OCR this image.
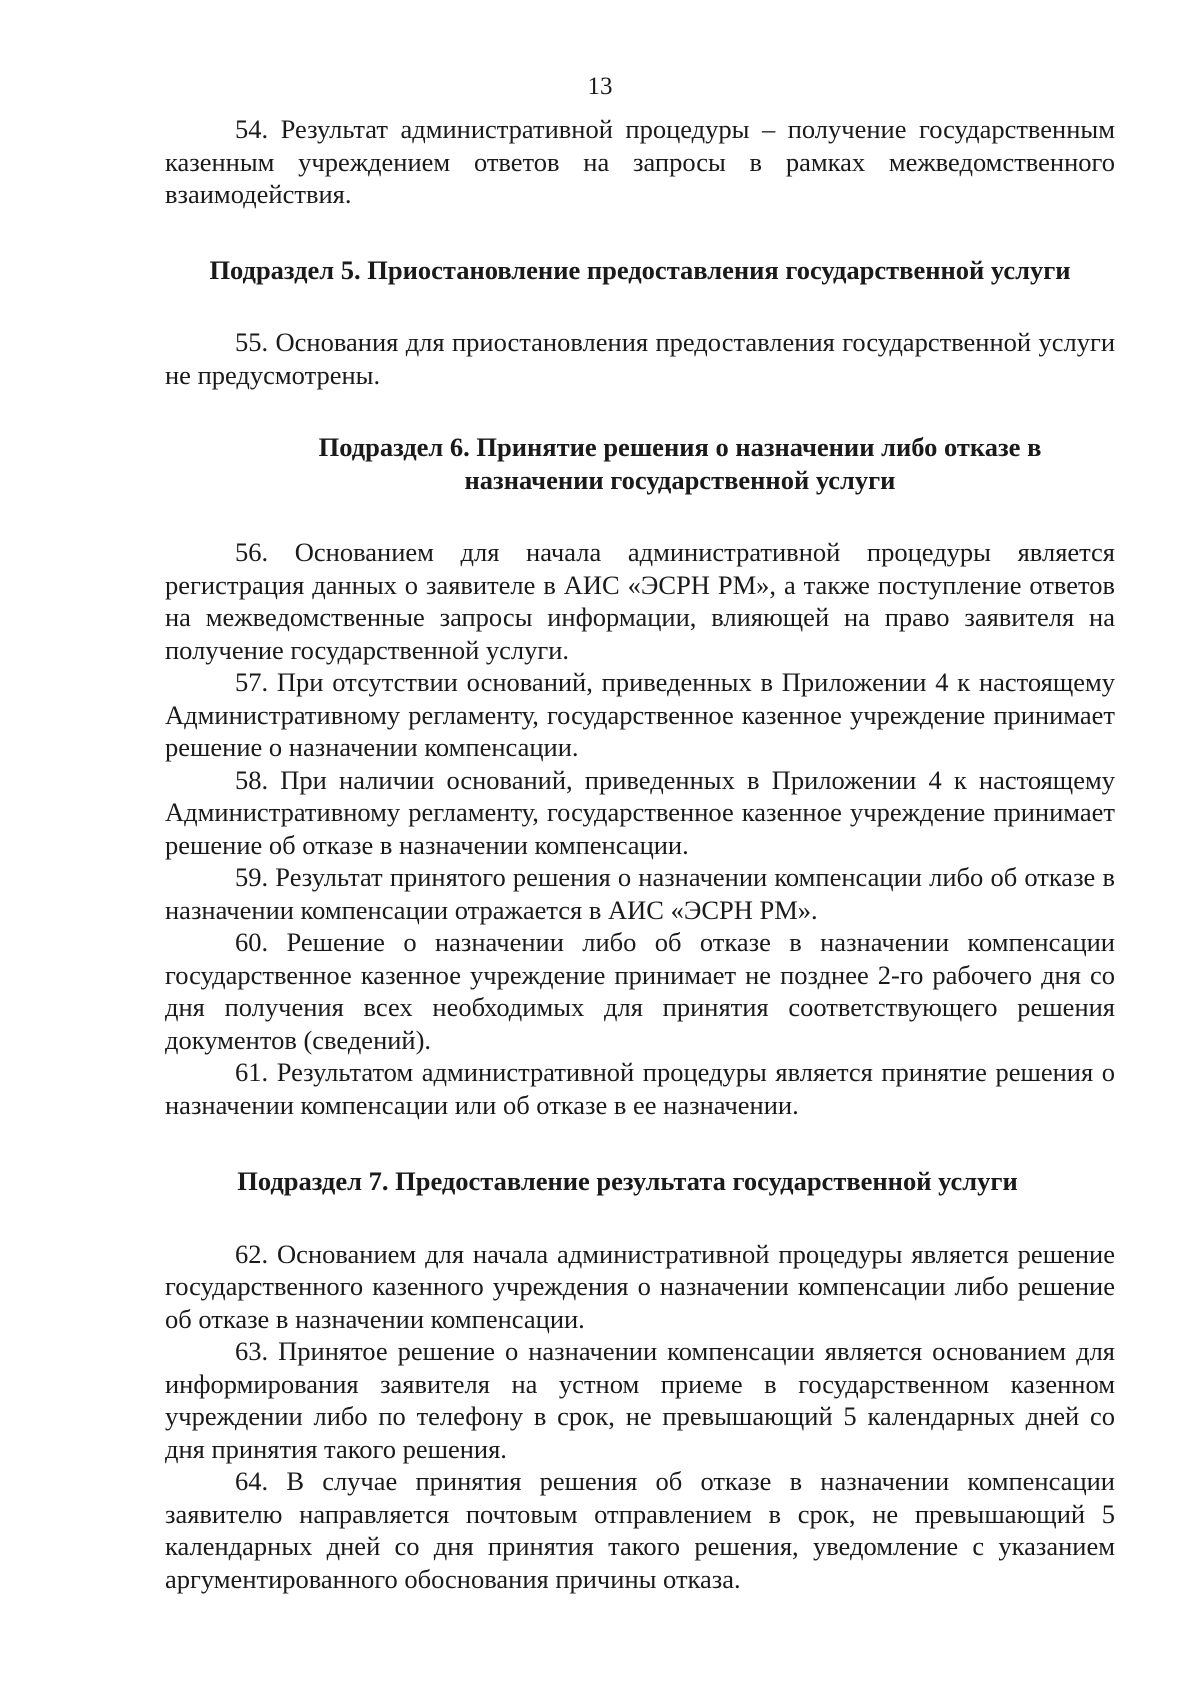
13

54. Результат административной процедуры – получение государственным казенным учреждением ответов на запросы в рамках межведомственного взаимодействия.

Подраздел 5. Приостановление предоставления государственной услуги

55. Основания для приостановления предоставления государственной услуги не предусмотрены.

Подраздел 6. Принятие решения о назначении либо отказе в назначении государственной услуги

56. Основанием для начала административной процедуры является регистрация данных о заявителе в АИС «ЭСРН РМ», а также поступление ответов на межведомственные запросы информации, влияющей на право заявителя на получение государственной услуги.

57. При отсутствии оснований, приведенных в Приложении 4 к настоящему Административному регламенту, государственное казенное учреждение принимает решение о назначении компенсации.

58. При наличии оснований, приведенных в Приложении 4 к настоящему Административному регламенту, государственное казенное учреждение принимает решение об отказе в назначении компенсации.

59. Результат принятого решения о назначении компенсации либо об отказе в назначении компенсации отражается в АИС «ЭСРН РМ».

60. Решение о назначении либо об отказе в назначении компенсации государственное казенное учреждение принимает не позднее 2-го рабочего дня со дня получения всех необходимых для принятия соответствующего решения документов (сведений).

61. Результатом административной процедуры является принятие решения о назначении компенсации или об отказе в ее назначении.

Подраздел 7. Предоставление результата государственной услуги

62. Основанием для начала административной процедуры является решение государственного казенного учреждения о назначении компенсации либо решение об отказе в назначении компенсации.

63. Принятое решение о назначении компенсации является основанием для информирования заявителя на устном приеме в государственном казенном учреждении либо по телефону в срок, не превышающий 5 календарных дней со дня принятия такого решения.

64. В случае принятия решения об отказе в назначении компенсации заявителю направляется почтовым отправлением в срок, не превышающий 5 календарных дней со дня принятия такого решения, уведомление с указанием аргументированного обоснования причины отказа.
